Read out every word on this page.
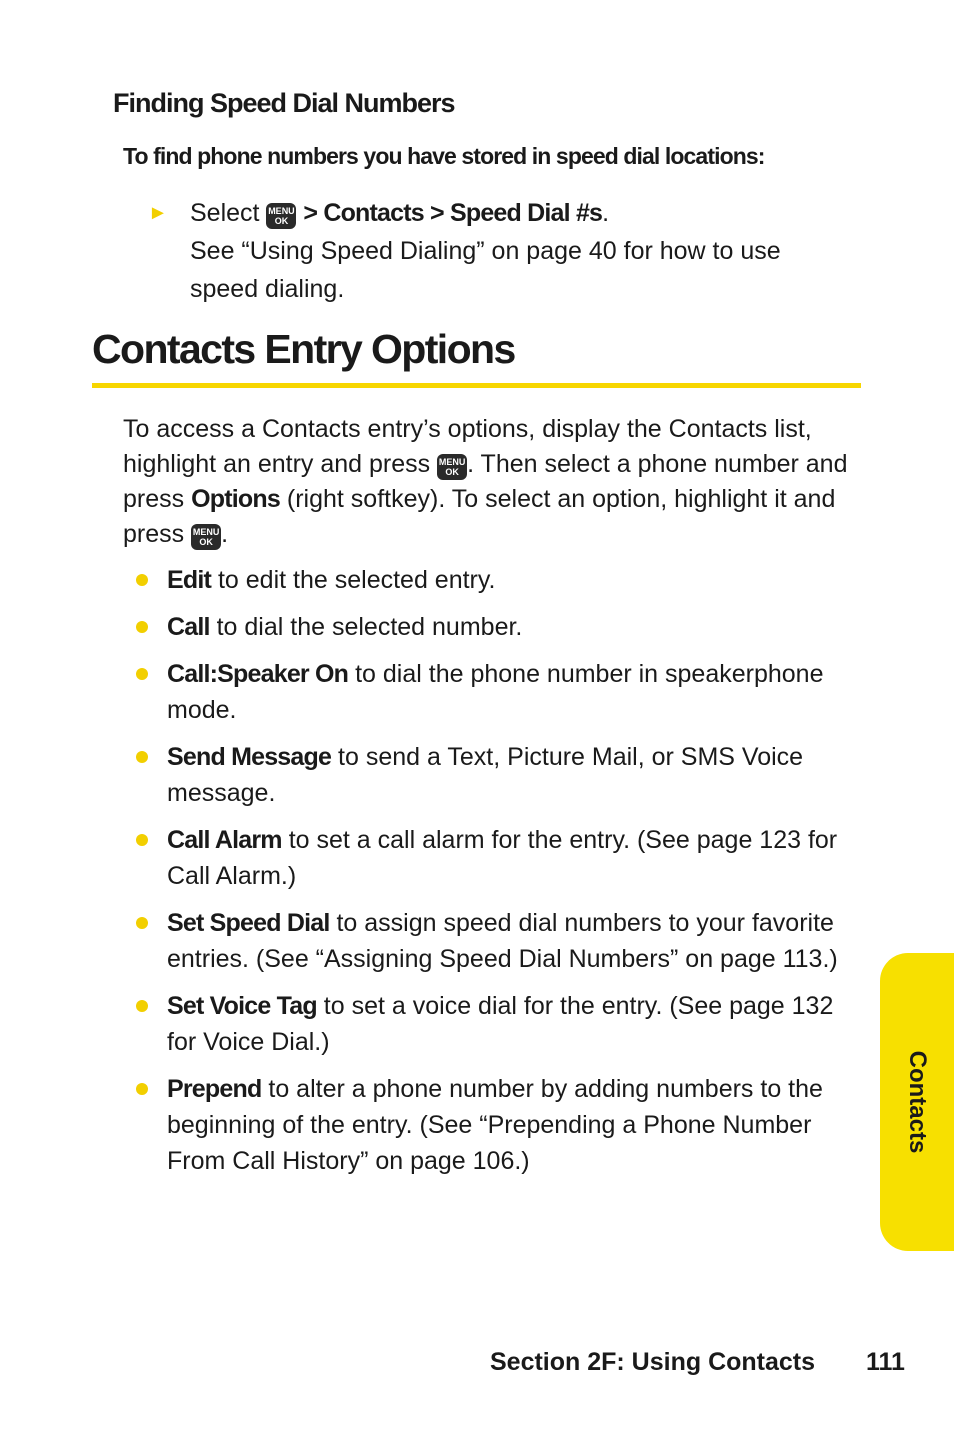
Finding Speed Dial Numbers
To find phone numbers you have stored in speed dial locations:
► Select MENU
OK > Contacts > Speed Dial #s.
See “Using Speed Dialing” on page 40 for how to use speed dialing.
Contacts Entry Options
To access a Contacts entry’s options, display the Contacts list, highlight an entry and press MENU
OK . Then select a phone number and press Options (right softkey). To select an option, highlight it and press MENU
OK .
Edit to edit the selected entry.
Call to dial the selected number.
Call:Speaker On to dial the phone number in speakerphone mode.
Send Message to send a Text, Picture Mail, or SMS Voice message.
Call Alarm to set a call alarm for the entry. (See page 123 for Call Alarm.)
Set Speed Dial to assign speed dial numbers to your favorite entries. (See “Assigning Speed Dial Numbers” on page 113.)
Set Voice Tag to set a voice dial for the entry. (See page 132 for Voice Dial.)
Prepend to alter a phone number by adding numbers to the beginning of the entry. (See “Prepending a Phone Number From Call History” on page 106.)
Contacts
Section 2F: Using Contacts 111
